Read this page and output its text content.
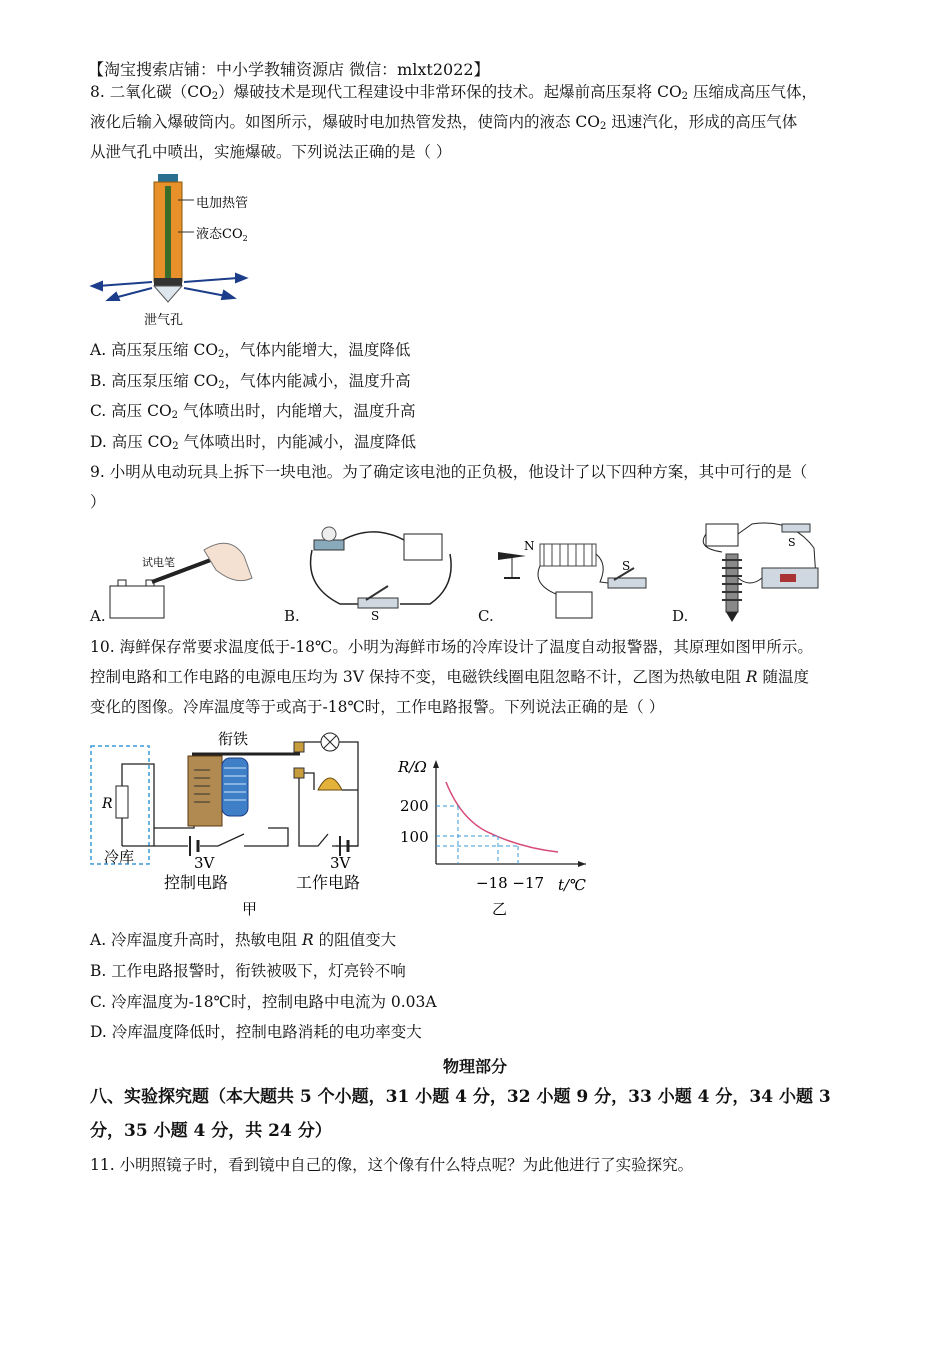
【淘宝搜索店铺：中小学教辅资源店 微信：mlxt2022】
8. 二氧化碳$(CO_2)$爆破技术是现代工程建设中非常环保的技术。起爆前高压泵将 $CO_2$ 压缩成高压气体，
液化后输入爆破筒内。如图所示，爆破时电加热管发热，使筒内的液态 $CO_2$ 迅速汽化，形成的高压气体
从泄气孔中喷出，实施爆破。下列说法正确的是（ ）
电加热管
液态$CO_2$
泄气孔
A. 高压泵压缩 $CO_2$，气体内能增大，温度降低
B. 高压泵压缩 $CO_2$，气体内能减小，温度升高
C. 高压 $CO_2$ 气体喷出时，内能增大，温度升高
D. 高压 $CO_2$ 气体喷出时，内能减小，温度降低
9. 小明从电动玩具上拆下一块电池。为了确定该电池的正负极，他设计了以下四种方案，其中可行的是（
）
试电笔
S
N
S
S
A.	B.	C.	D.
10. 海鲜保存常要求温度低于-18℃。小明为海鲜市场的冷库设计了温度自动报警器，其原理如图甲所示。
控制电路和工作电路的电源电压均为 3V 保持不变，电磁铁线圈电阻忽略不计，乙图为热敏电阻 R 随温度
变化的图像。冷库温度等于或高于-18℃时，工作电路报警。下列说法正确的是（ ）
R
冷库
衔铁
3V	3V
控制电路	工作电路
甲
R/Ω
200
100
−18 −17 t/℃
乙
A. 冷库温度升高时，热敏电阻 R 的阻值变大
B. 工作电路报警时，衔铁被吸下，灯亮铃不响
C. 冷库温度为-18℃时，控制电路中电流为 0.03A
D. 冷库温度降低时，控制电路消耗的电功率变大
物理部分
八、实验探究题（本大题共 5 个小题，31 小题 4 分，32 小题 9 分，33 小题 4 分，34 小题 3
分，35 小题 4 分，共 24 分）
11. 小明照镜子时，看到镜中自己的像，这个像有什么特点呢？为此他进行了实验探究。
